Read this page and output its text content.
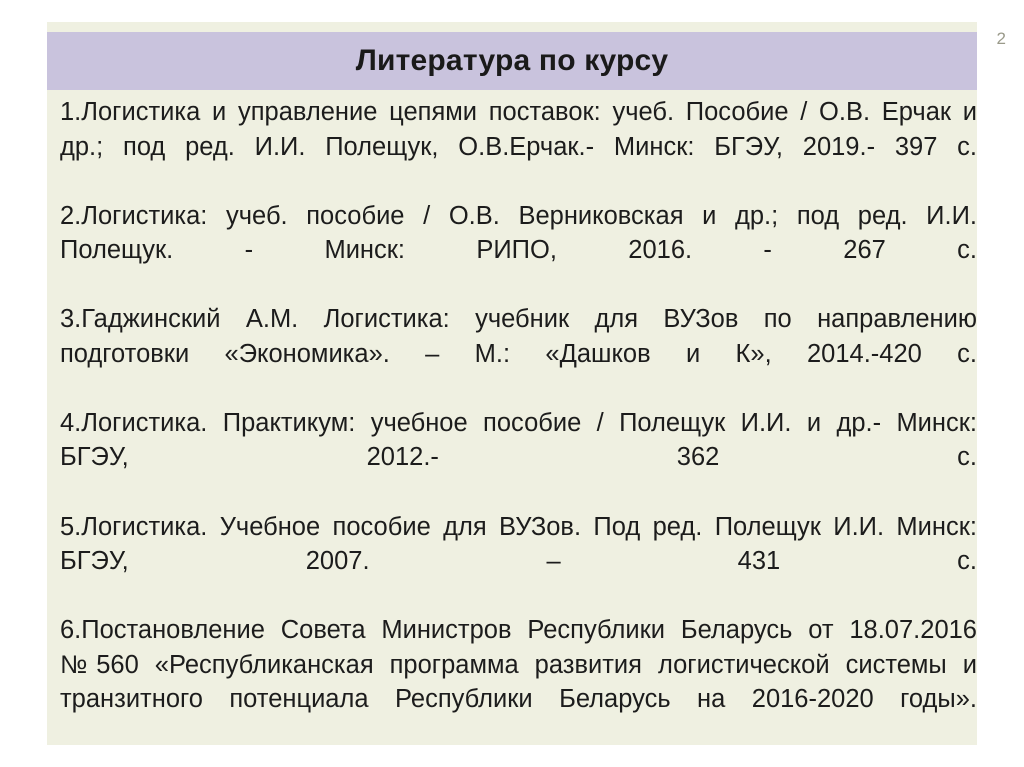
2
Литература по курсу

1.Логистика и управление цепями поставок: учеб. Пособие / О.В. Ерчак и др.; под ред. И.И. Полещук, О.В.Ерчак.- Минск: БГЭУ, 2019.- 397 с.

2.Логистика: учеб. пособие / О.В. Верниковская и др.; под ред. И.И. Полещук. - Минск: РИПО, 2016. - 267 с.

3.Гаджинский А.М. Логистика: учебник для ВУЗов по направлению подготовки «Экономика». – М.: «Дашков и К», 2014.-420 с.

4.Логистика. Практикум: учебное пособие / Полещук И.И. и др.- Минск: БГЭУ, 2012.- 362 с.

5.Логистика. Учебное пособие для ВУЗов. Под ред. Полещук И.И. Минск: БГЭУ, 2007. – 431 с.

6.Постановление Совета Министров Республики Беларусь от 18.07.2016 №560 «Республиканская программа развития логистической системы и транзитного потенциала Республики Беларусь на 2016-2020 годы».
